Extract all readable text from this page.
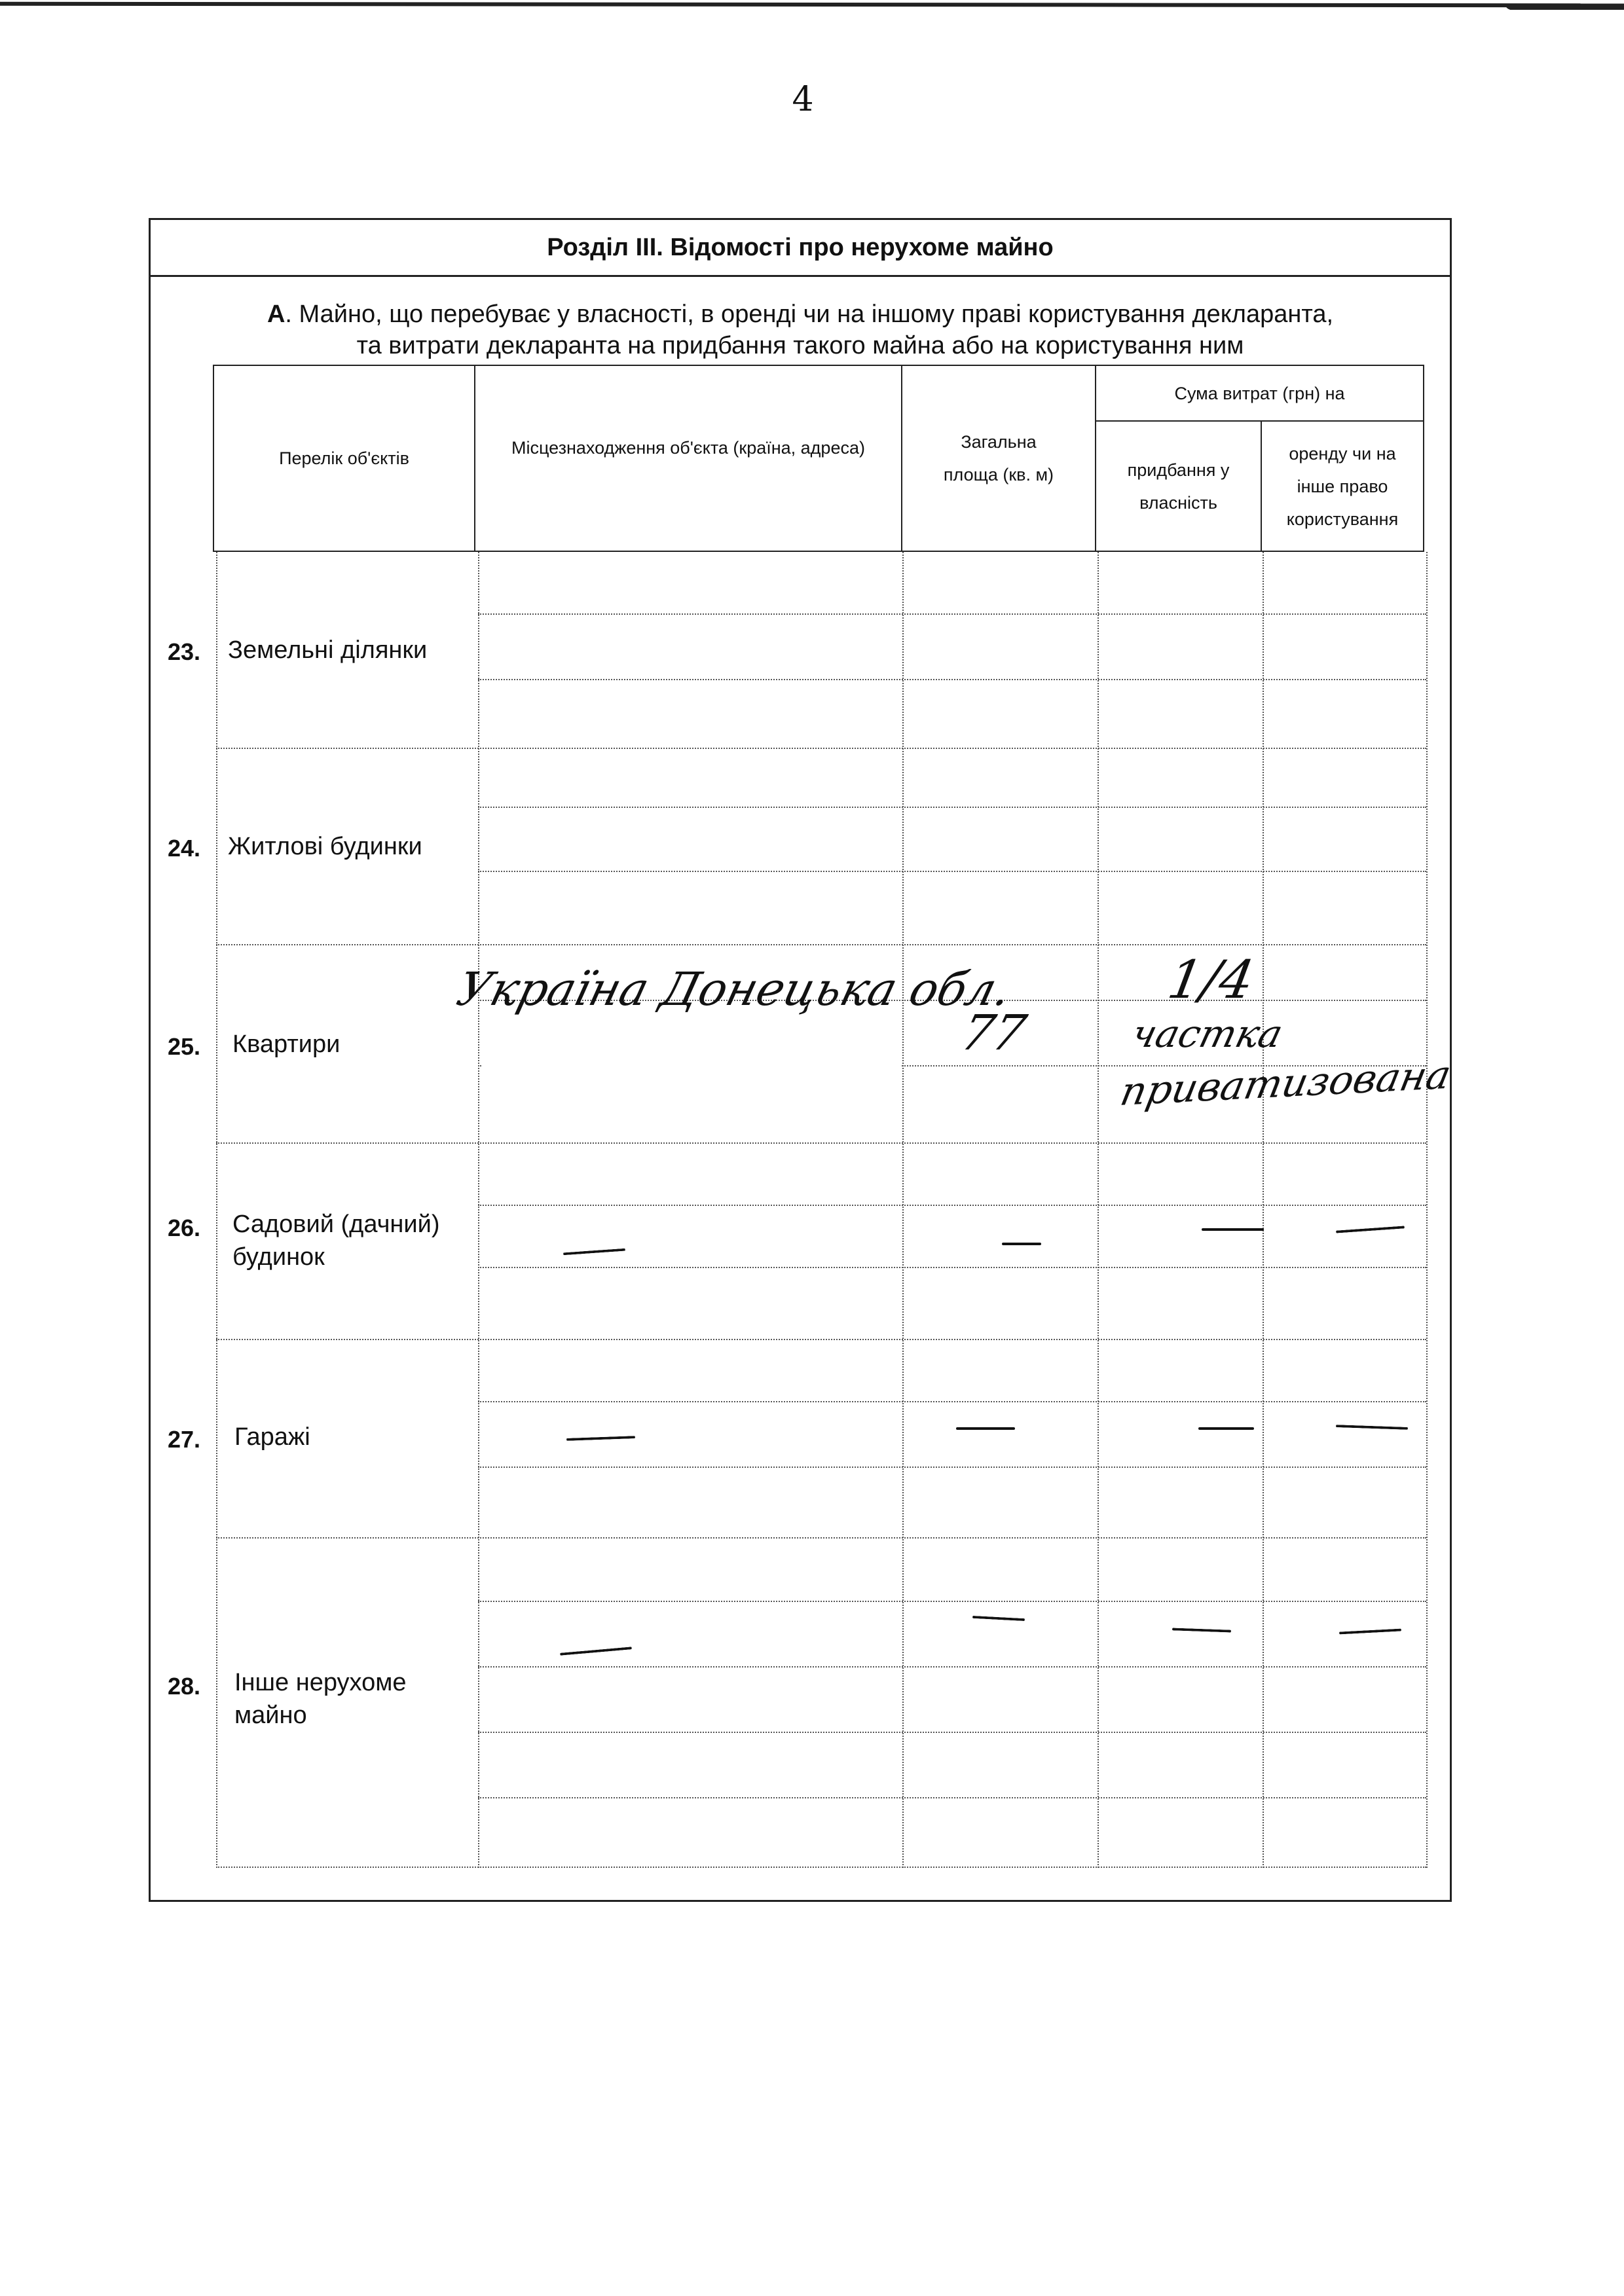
4
Розділ III. Відомості про нерухоме майно
А. Майно, що перебуває у власності, в оренді чи на іншому праві користування декларанта,
та витрати декларанта на придбання такого майна або на користування ним
Перелік об'єктів
Місцезнаходження об'єкта (країна, адреса)	Загальна площа (кв. м)
Сума витрат (грн) на
придбання у власність
оренду чи на інше право користування
23. Земельні ділянки
24. Житлові будинки
25. Квартири
26. Садовий (дачний) будинок
27. Гаражі
28. Інше нерухоме майно
Україна Донецька обл.
77
1/4
частка
приватизована
